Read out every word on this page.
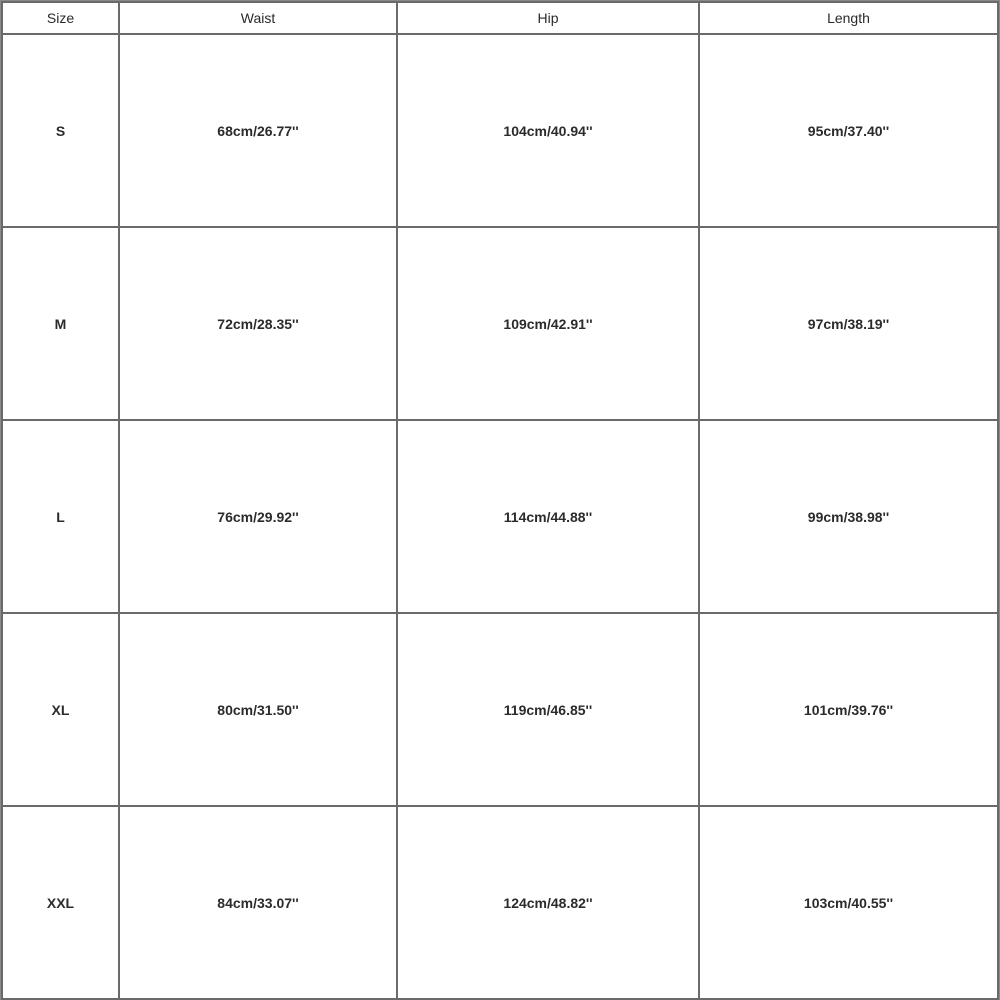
Size	Waist	Hip	Length
S	68cm/26.77''	104cm/40.94''	95cm/37.40''
M	72cm/28.35''	109cm/42.91''	97cm/38.19''
L	76cm/29.92''	114cm/44.88''	99cm/38.98''
XL	80cm/31.50''	119cm/46.85''	101cm/39.76''
XXL	84cm/33.07''	124cm/48.82''	103cm/40.55''
